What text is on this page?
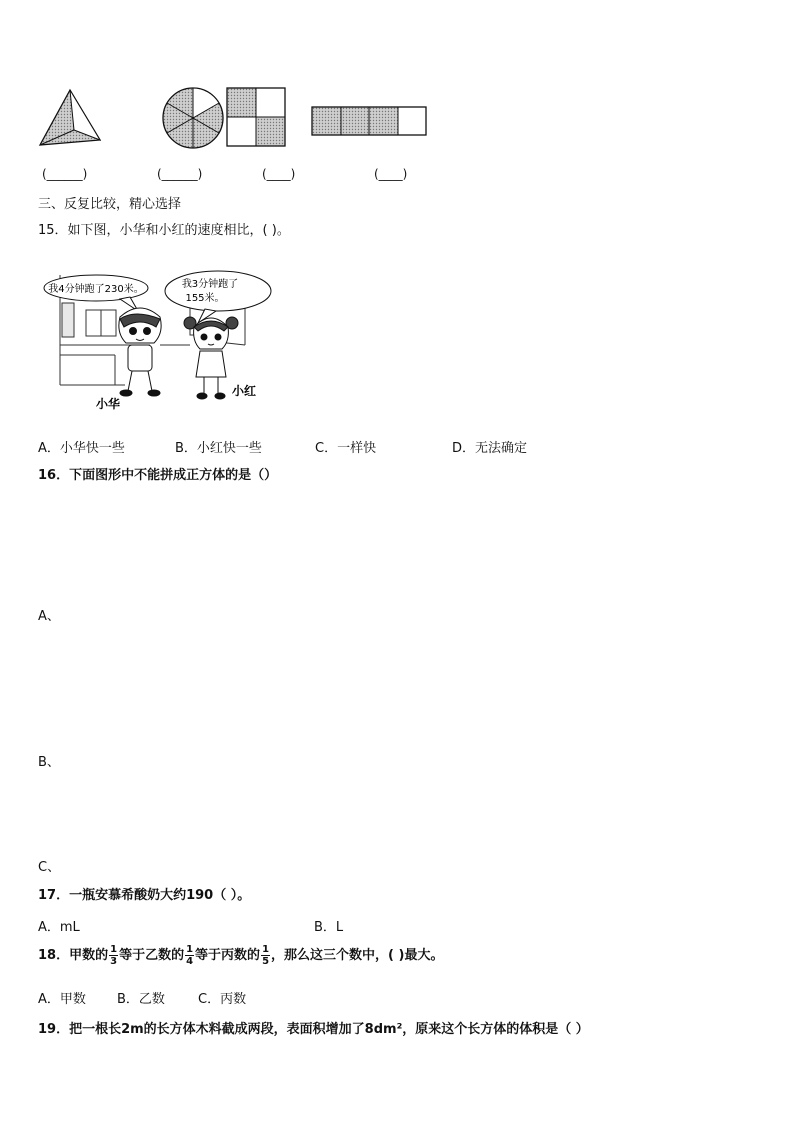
(______)	(______)	(____)	(____)
三、反复比较，精心选择
15．如下图，小华和小红的速度相比，( )。
我4分钟跑了230米。	我3分钟跑了
155米。
小华
小红
A．小华快一些	B．小红快一些	C．一样快	D．无法确定
16．下面图形中不能拼成正方体的是（）
A、
B、
C、
17．一瓶安慕希酸奶大约190（ ）。
A．mL	B．L
18．甲数的 $\frac{1}{3}$ 等于乙数的 $\frac{1}{4}$ 等于丙数的 $\frac{1}{5}$ ，那么这三个数中，( )最大。
A．甲数 B．乙数	C．丙数
19．把一根长2m的长方体木料截成两段，表面积增加了8dm²，原来这个长方体的体积是（ ）
